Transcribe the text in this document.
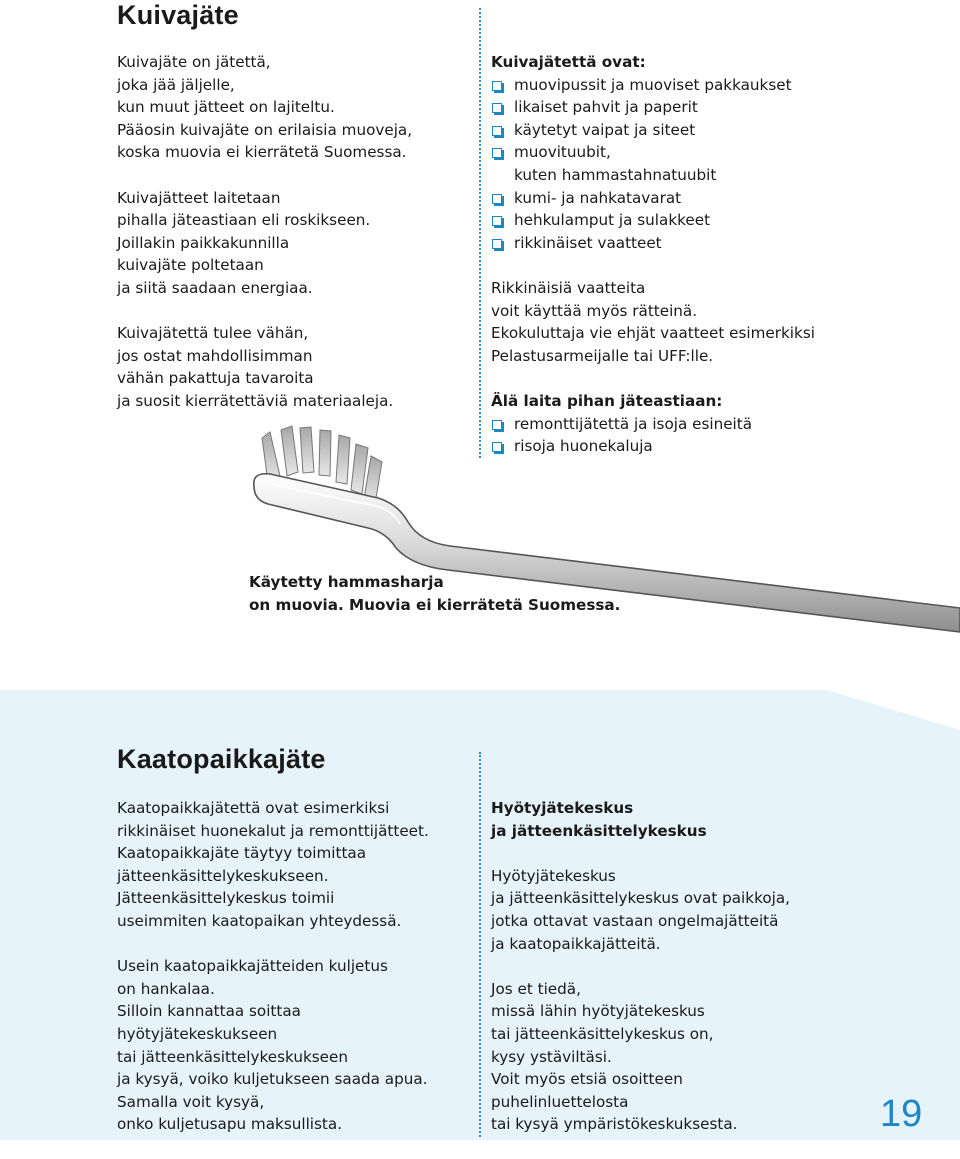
Kuivajäte

Kuivajäte on jätettä,
joka jää jäljelle,
kun muut jätteet on lajiteltu.
Pääosin kuivajäte on erilaisia muoveja,
koska muovia ei kierrätetä Suomessa.

Kuivajätteet laitetaan
pihalla jäteastiaan eli roskikseen.
Joillakin paikkakunnilla
kuivajäte poltetaan
ja siitä saadaan energiaa.

Kuivajätettä tulee vähän,
jos ostat mahdollisimman
vähän pakattuja tavaroita
ja suosit kierrätettäviä materiaaleja.

Kuivajätettä ovat:
muovipussit ja muoviset pakkaukset
likaiset pahvit ja paperit
käytetyt vaipat ja siteet
muovituubit,
kuten hammastahnatuubit
kumi- ja nahkatavarat
hehkulamput ja sulakkeet
rikkinäiset vaatteet

Rikkinäisiä vaatteita
voit käyttää myös rätteinä.
Ekokuluttaja vie ehjät vaatteet esimerkiksi
Pelastusarmeijalle tai UFF:lle.

Älä laita pihan jäteastiaan:
remonttijätettä ja isoja esineitä
risoja huonekaluja
Käytetty hammasharja
on muovia. Muovia ei kierrätetä Suomessa.
Kaatopaikkajäte

Kaatopaikkajätettä ovat esimerkiksi
rikkinäiset huonekalut ja remonttijätteet.
Kaatopaikkajäte täytyy toimittaa
jätteenkäsittelykeskukseen.
Jätteenkäsittelykeskus toimii
useimmiten kaatopaikan yhteydessä.

Usein kaatopaikkajätteiden kuljetus
on hankalaa.
Silloin kannattaa soittaa
hyötyjätekeskukseen
tai jätteenkäsittelykeskukseen
ja kysyä, voiko kuljetukseen saada apua.
Samalla voit kysyä,
onko kuljetusapu maksullista.

Hyötyjätekeskus
ja jätteenkäsittelykeskus

Hyötyjätekeskus
ja jätteenkäsittelykeskus ovat paikkoja,
jotka ottavat vastaan ongelmajätteitä
ja kaatopaikkajätteitä.

Jos et tiedä,
missä lähin hyötyjätekeskus
tai jätteenkäsittelykeskus on,
kysy ystäviltäsi.
Voit myös etsiä osoitteen
puhelinluettelosta
tai kysyä ympäristökeskuksesta.	19
